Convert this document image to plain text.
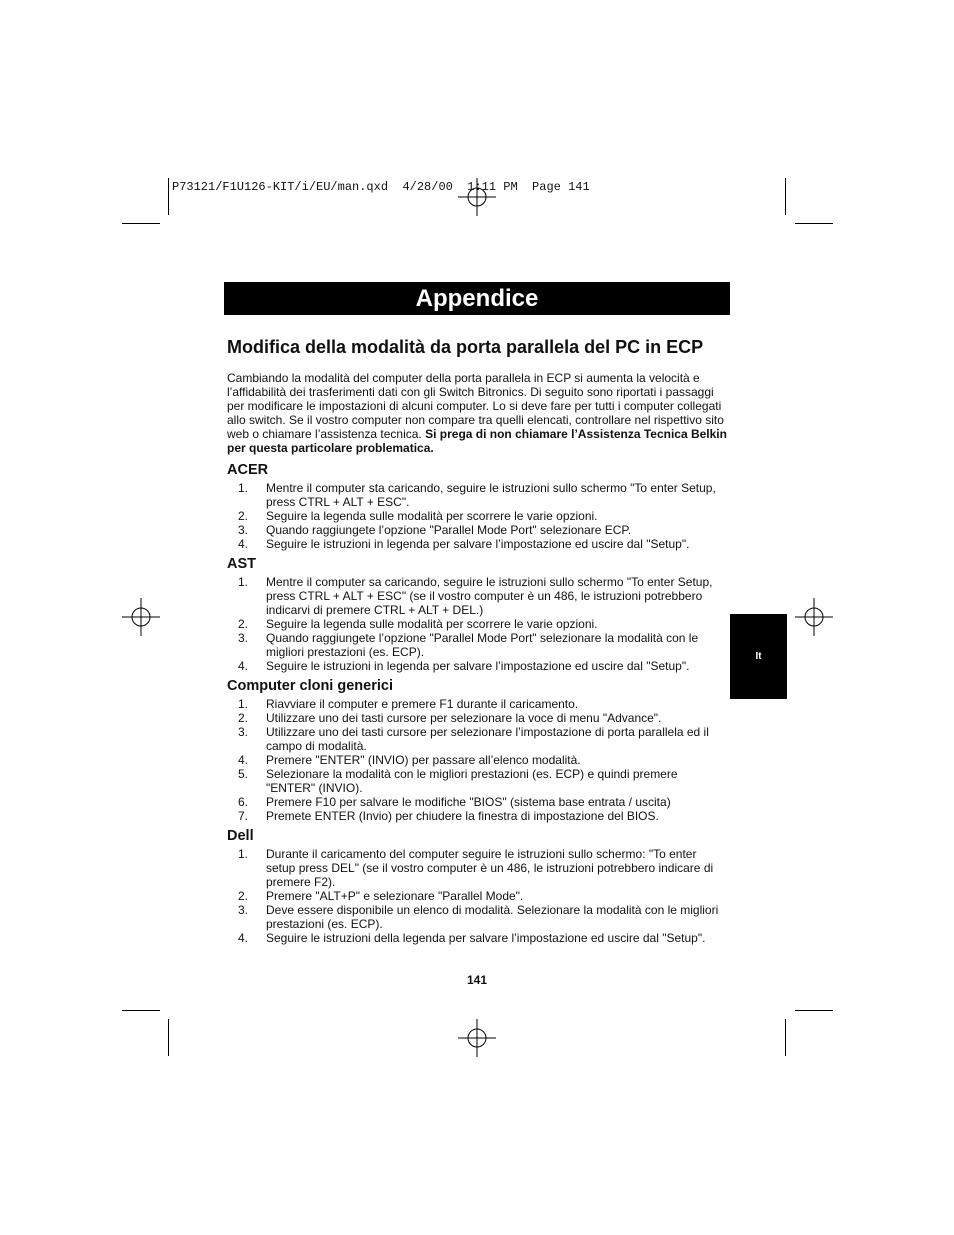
P73121/F1U126-KIT/i/EU/man.qxd  4/28/00  1:11 PM  Page 141
Appendice
Modifica della modalità da porta parallela del PC in ECP

Cambiando la modalità del computer della porta parallela in ECP si aumenta la velocità e l’affidabilità dei trasferimenti dati con gli Switch Bitronics. Di seguito sono riportati i passaggi per modificare le impostazioni di alcuni computer. Lo si deve fare per tutti i computer collegati allo switch. Se il vostro computer non compare tra quelli elencati, controllare nel rispettivo sito web o chiamare l’assistenza tecnica. Si prega di non chiamare l’Assistenza Tecnica Belkin per questa particolare problematica.

ACER
1.	Mentre il computer sta caricando, seguire le istruzioni sullo schermo "To enter Setup, press CTRL + ALT + ESC".
2.	Seguire la legenda sulle modalità per scorrere le varie opzioni.
3.	Quando raggiungete l’opzione "Parallel Mode Port" selezionare ECP.
4.	Seguire le istruzioni in legenda per salvare l’impostazione ed uscire dal "Setup".
AST
1.	Mentre il computer sa caricando, seguire le istruzioni sullo schermo "To enter Setup, press CTRL + ALT + ESC" (se il vostro computer è un 486, le istruzioni potrebbero indicarvi di premere CTRL + ALT + DEL.)
2.	Seguire la legenda sulle modalità per scorrere le varie opzioni.
3.	Quando raggiungete l’opzione "Parallel Mode Port" selezionare la modalità con le migliori prestazioni (es. ECP).
4.	Seguire le istruzioni in legenda per salvare l’impostazione ed uscire dal "Setup".
Computer cloni generici
1.	Riavviare il computer e premere F1 durante il caricamento.
2.	Utilizzare uno dei tasti cursore per selezionare la voce di menu "Advance".
3.	Utilizzare uno dei tasti cursore per selezionare l’impostazione di porta parallela ed il campo di modalità.
4.	Premere "ENTER" (INVIO) per passare all’elenco modalità.
5.	Selezionare la modalità con le migliori prestazioni (es. ECP) e quindi premere "ENTER" (INVIO).
6.	Premere F10 per salvare le modifiche "BIOS" (sistema base entrata / uscita)
7.	Premete ENTER (Invio) per chiudere la finestra di impostazione del BIOS.
Dell
1.	Durante il caricamento del computer seguire le istruzioni sullo schermo: "To enter setup press DEL" (se il vostro computer è un 486, le istruzioni potrebbero indicare di premere F2).
2.	Premere "ALT+P" e selezionare "Parallel Mode".
3.	Deve essere disponibile un elenco di modalità. Selezionare la modalità con le migliori prestazioni (es. ECP).
4.	Seguire le istruzioni della legenda per salvare l’impostazione ed uscire dal "Setup".
It
141
